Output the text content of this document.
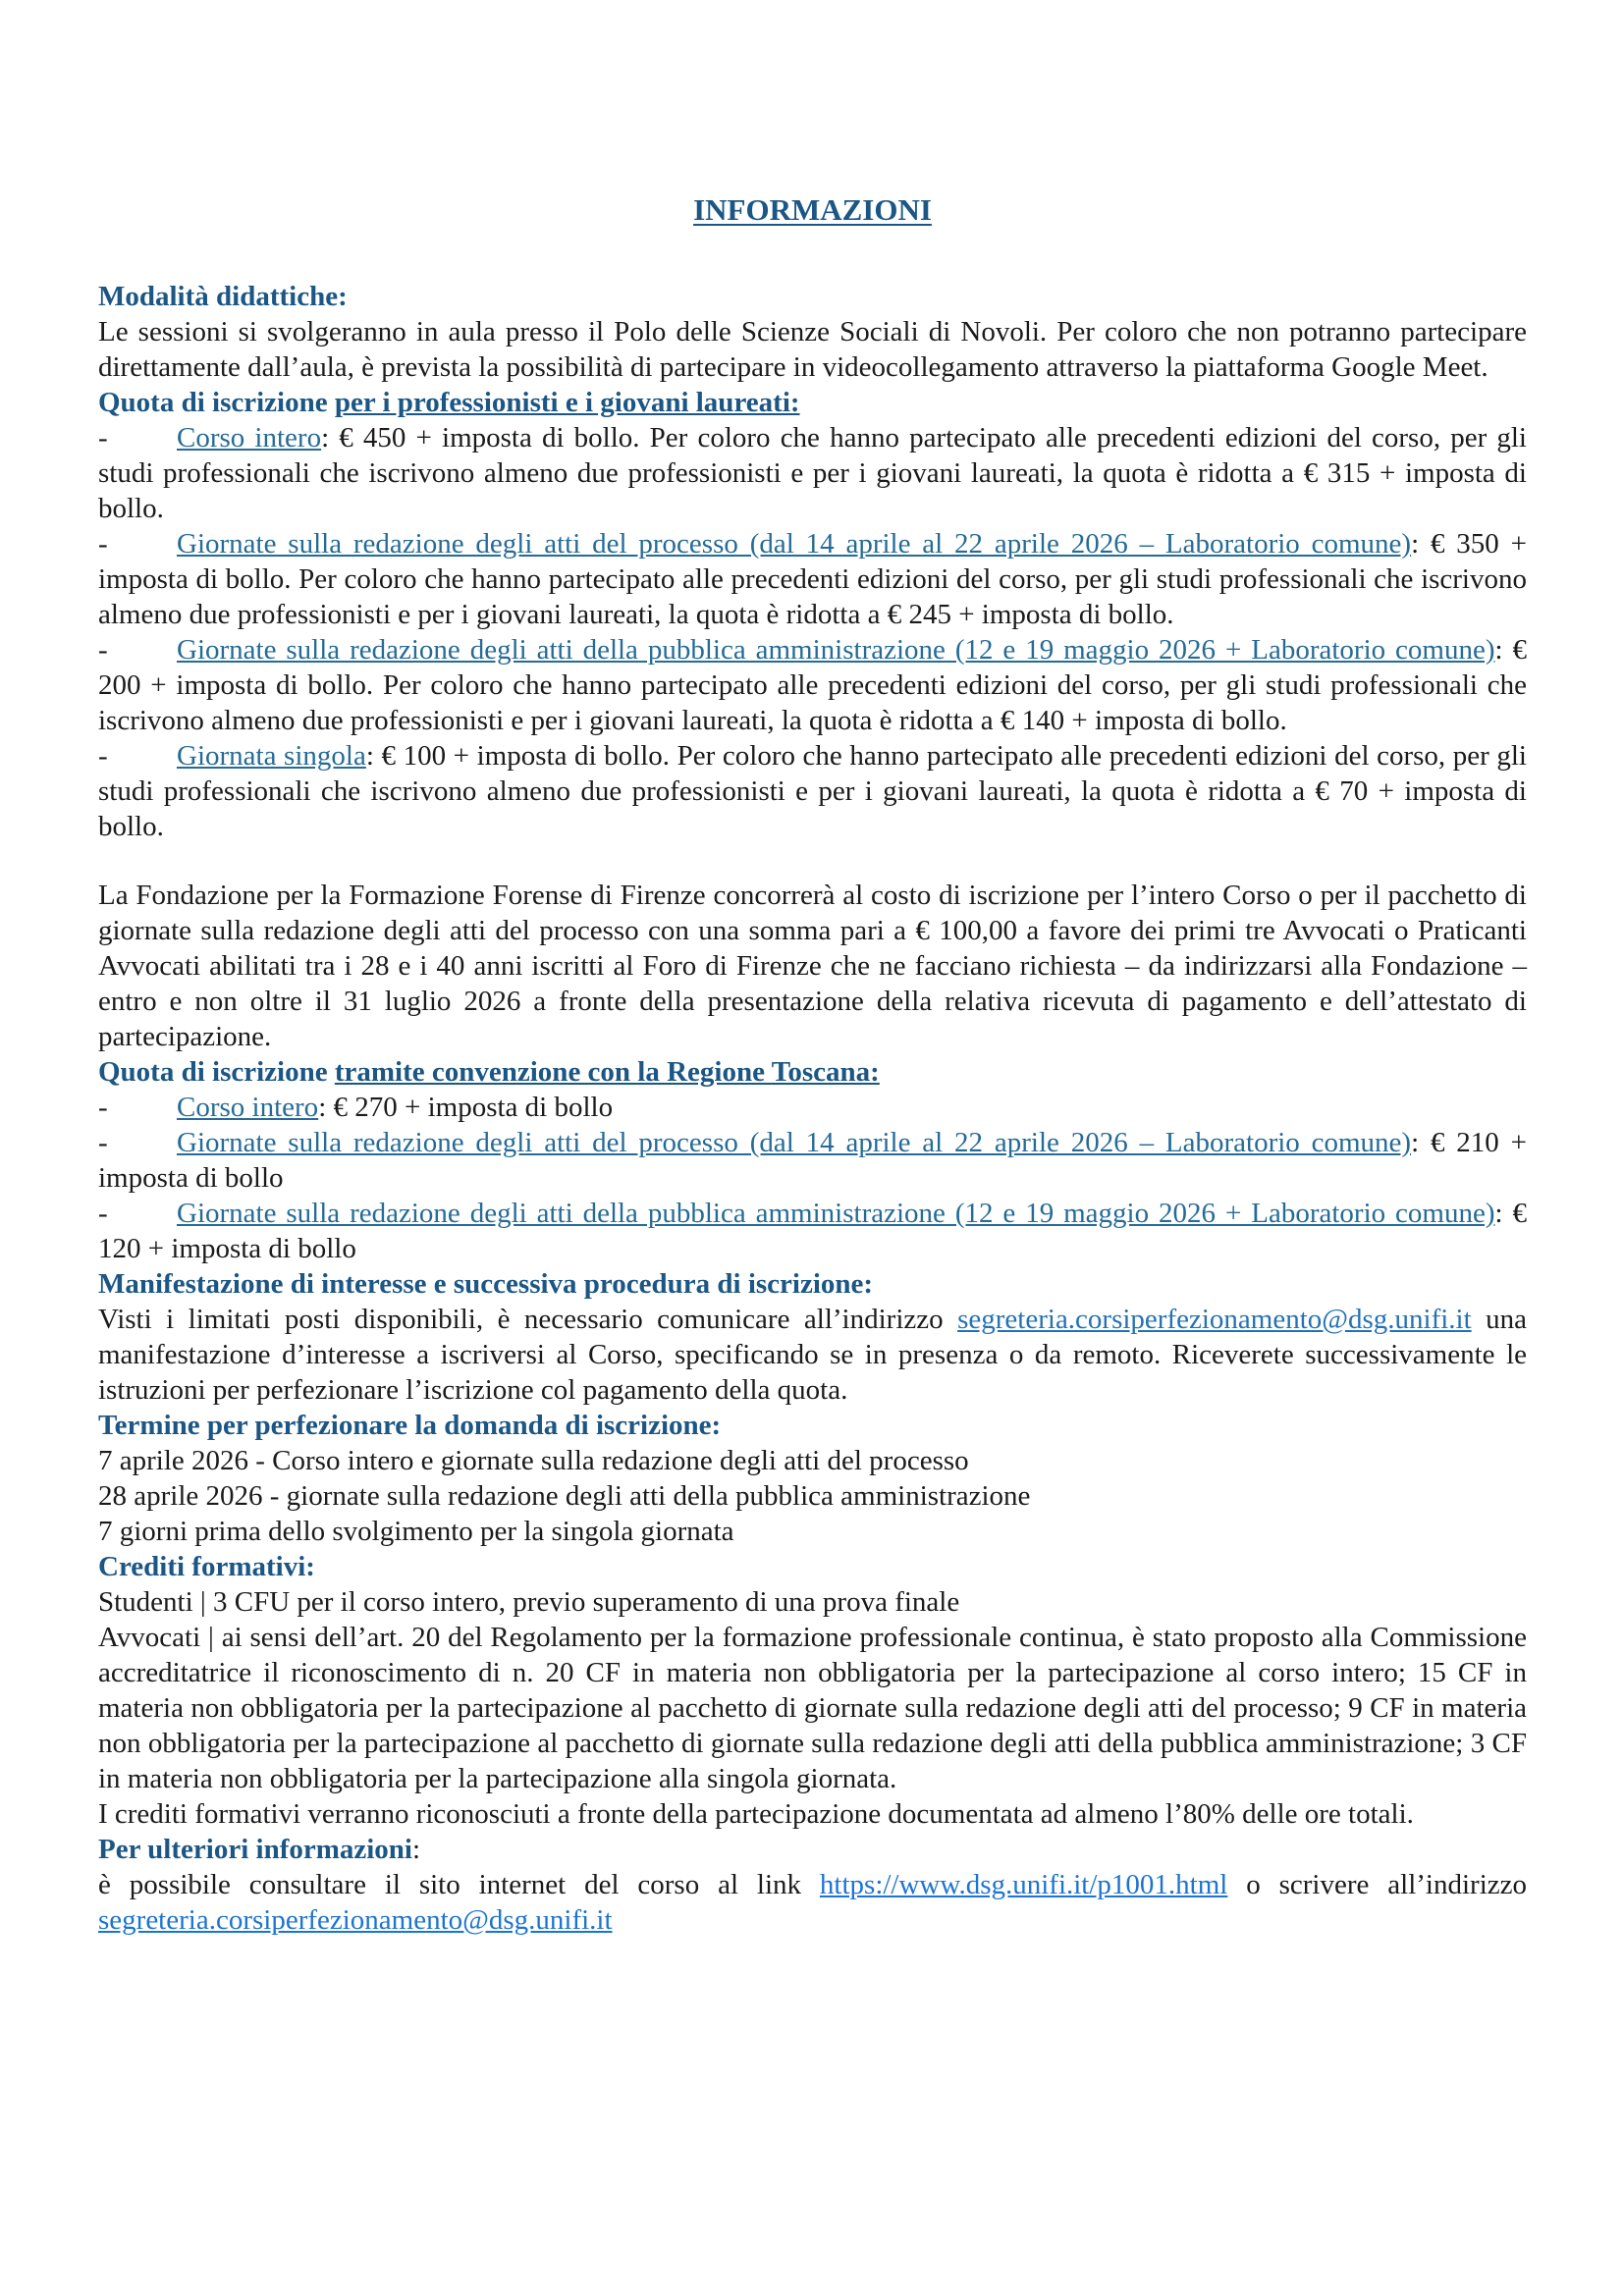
INFORMAZIONI
Modalità didattiche:

Le sessioni si svolgeranno in aula presso il Polo delle Scienze Sociali di Novoli. Per coloro che non potranno partecipare direttamente dall’aula, è prevista la possibilità di partecipare in videocollegamento attraverso la piattaforma Google Meet.

Quota di iscrizione per i professionisti e i giovani laureati:

- Corso intero: € 450 + imposta di bollo. Per coloro che hanno partecipato alle precedenti edizioni del corso, per gli studi professionali che iscrivono almeno due professionisti e per i giovani laureati, la quota è ridotta a € 315 + imposta di bollo.

- Giornate sulla redazione degli atti del processo (dal 14 aprile al 22 aprile 2026 – Laboratorio comune): € 350 + imposta di bollo. Per coloro che hanno partecipato alle precedenti edizioni del corso, per gli studi professionali che iscrivono almeno due professionisti e per i giovani laureati, la quota è ridotta a € 245 + imposta di bollo.

- Giornate sulla redazione degli atti della pubblica amministrazione (12 e 19 maggio 2026 + Laboratorio comune): € 200 + imposta di bollo. Per coloro che hanno partecipato alle precedenti edizioni del corso, per gli studi professionali che iscrivono almeno due professionisti e per i giovani laureati, la quota è ridotta a € 140 + imposta di bollo.

- Giornata singola: € 100 + imposta di bollo. Per coloro che hanno partecipato alle precedenti edizioni del corso, per gli studi professionali che iscrivono almeno due professionisti e per i giovani laureati, la quota è ridotta a € 70 + imposta di bollo.

La Fondazione per la Formazione Forense di Firenze concorrerà al costo di iscrizione per l’intero Corso o per il pacchetto di giornate sulla redazione degli atti del processo con una somma pari a € 100,00 a favore dei primi tre Avvocati o Praticanti Avvocati abilitati tra i 28 e i 40 anni iscritti al Foro di Firenze che ne facciano richiesta – da indirizzarsi alla Fondazione – entro e non oltre il 31 luglio 2026 a fronte della presentazione della relativa ricevuta di pagamento e dell’attestato di partecipazione.

Quota di iscrizione tramite convenzione con la Regione Toscana:

- Corso intero: € 270 + imposta di bollo

- Giornate sulla redazione degli atti del processo (dal 14 aprile al 22 aprile 2026 – Laboratorio comune): € 210 + imposta di bollo

- Giornate sulla redazione degli atti della pubblica amministrazione (12 e 19 maggio 2026 + Laboratorio comune): € 120 + imposta di bollo

Manifestazione di interesse e successiva procedura di iscrizione:

Visti i limitati posti disponibili, è necessario comunicare all’indirizzo segreteria.corsiperfezionamento@dsg.unifi.it una manifestazione d’interesse a iscriversi al Corso, specificando se in presenza o da remoto. Riceverete successivamente le istruzioni per perfezionare l’iscrizione col pagamento della quota.

Termine per perfezionare la domanda di iscrizione:

7 aprile 2026 - Corso intero e giornate sulla redazione degli atti del processo

28 aprile 2026 - giornate sulla redazione degli atti della pubblica amministrazione

7 giorni prima dello svolgimento per la singola giornata

Crediti formativi:

Studenti | 3 CFU per il corso intero, previo superamento di una prova finale

Avvocati | ai sensi dell’art. 20 del Regolamento per la formazione professionale continua, è stato proposto alla Commissione accreditatrice il riconoscimento di n. 20 CF in materia non obbligatoria per la partecipazione al corso intero; 15 CF in materia non obbligatoria per la partecipazione al pacchetto di giornate sulla redazione degli atti del processo; 9 CF in materia non obbligatoria per la partecipazione al pacchetto di giornate sulla redazione degli atti della pubblica amministrazione; 3 CF in materia non obbligatoria per la partecipazione alla singola giornata.

I crediti formativi verranno riconosciuti a fronte della partecipazione documentata ad almeno l’80% delle ore totali.

Per ulteriori informazioni:

è possibile consultare il sito internet del corso al link https://www.dsg.unifi.it/p1001.html o scrivere all’indirizzo segreteria.corsiperfezionamento@dsg.unifi.it
